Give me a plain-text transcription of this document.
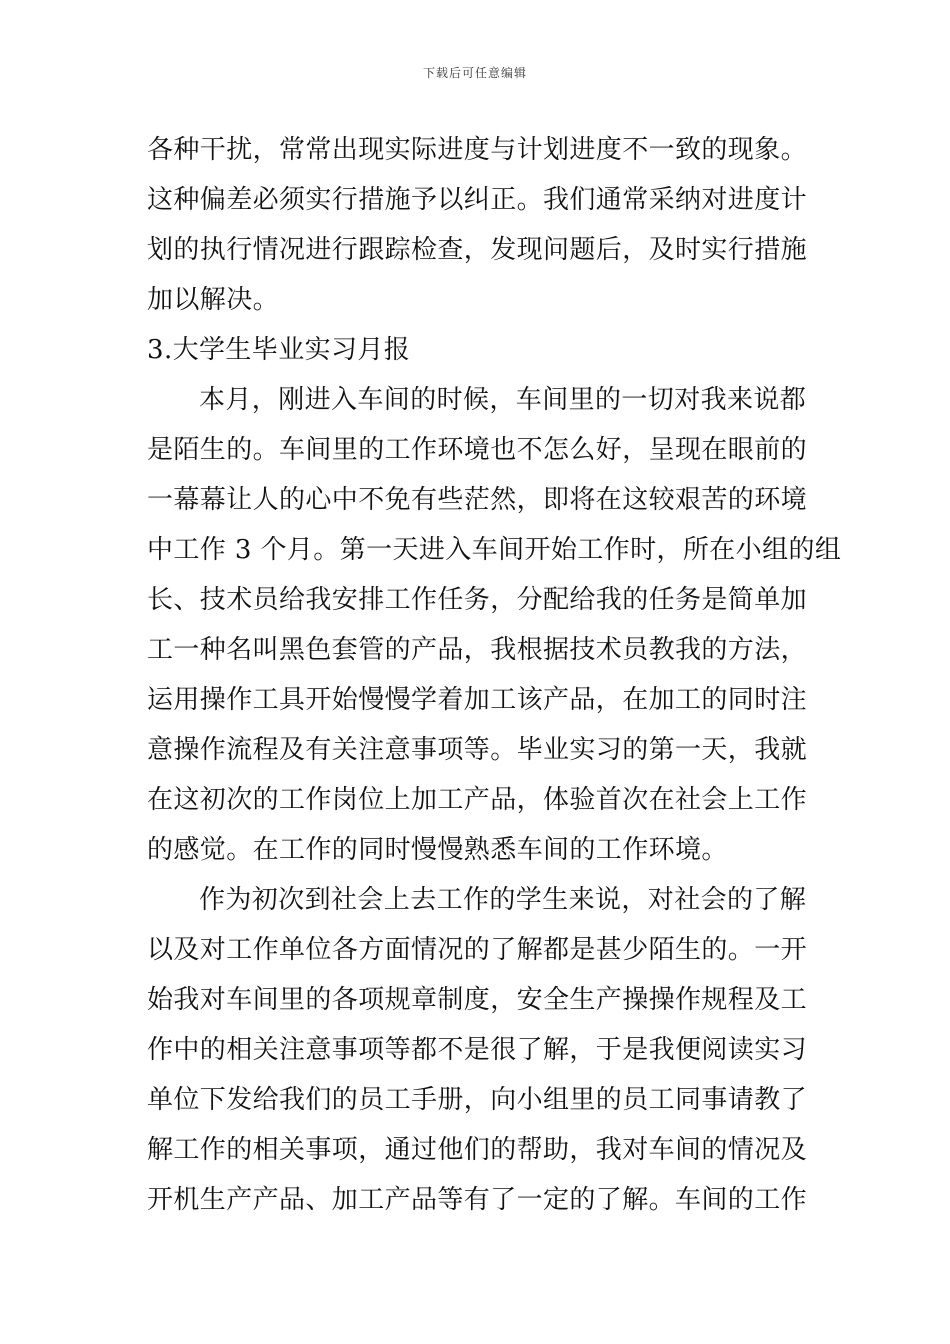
下载后可任意编辑
各种干扰，常常出现实际进度与计划进度不一致的现象。
这种偏差必须实行措施予以纠正。我们通常采纳对进度计
划的执行情况进行跟踪检查，发现问题后，及时实行措施
加以解决。
3.大学生毕业实习月报
本月，刚进入车间的时候，车间里的一切对我来说都
是陌生的。车间里的工作环境也不怎么好，呈现在眼前的
一幕幕让人的心中不免有些茫然，即将在这较艰苦的环境
中工作 3 个月。第一天进入车间开始工作时，所在小组的组
长、技术员给我安排工作任务，分配给我的任务是简单加
工一种名叫黑色套管的产品，我根据技术员教我的方法，
运用操作工具开始慢慢学着加工该产品，在加工的同时注
意操作流程及有关注意事项等。毕业实习的第一天，我就
在这初次的工作岗位上加工产品，体验首次在社会上工作
的感觉。在工作的同时慢慢熟悉车间的工作环境。
作为初次到社会上去工作的学生来说，对社会的了解
以及对工作单位各方面情况的了解都是甚少陌生的。一开
始我对车间里的各项规章制度，安全生产操操作规程及工
作中的相关注意事项等都不是很了解，于是我便阅读实习
单位下发给我们的员工手册，向小组里的员工同事请教了
解工作的相关事项，通过他们的帮助，我对车间的情况及
开机生产产品、加工产品等有了一定的了解。车间的工作
